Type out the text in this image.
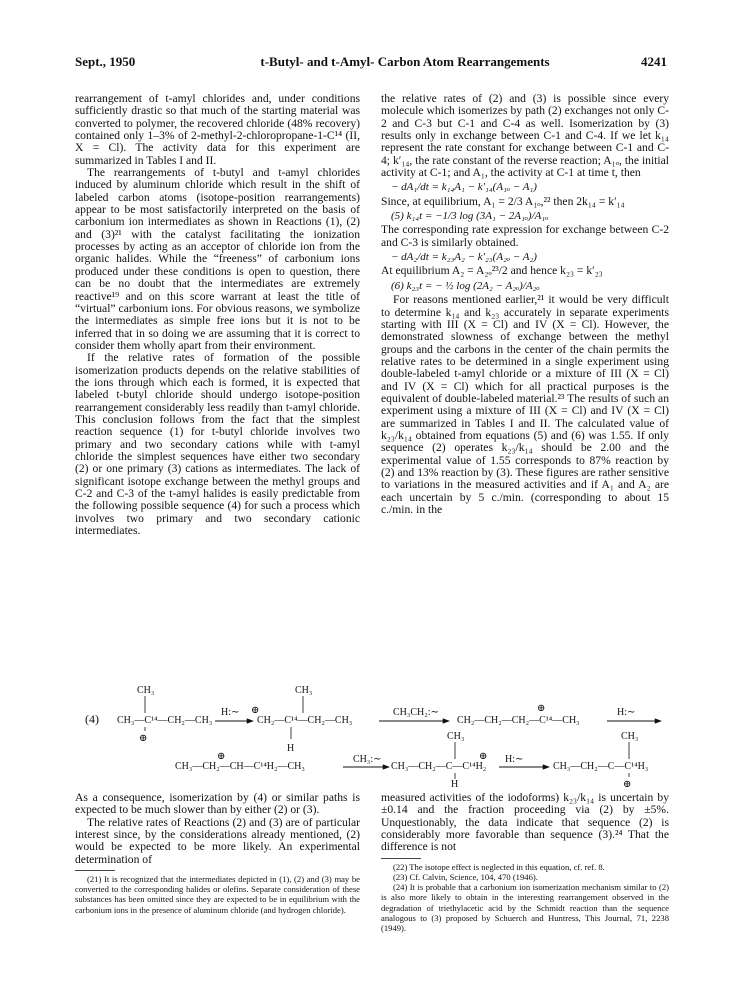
Sept., 1950	t-Butyl- and t-Amyl- Carbon Atom Rearrangements	4241

rearrangement of t-amyl chlorides and, under conditions sufficiently drastic so that much of the starting material was converted to polymer, the recovered chloride (48% recovery) contained only 1–3% of 2-methyl-2-chloropropane-1-C¹⁴ (II, X = Cl). The activity data for this experiment are summarized in Tables I and II.

The rearrangements of t-butyl and t-amyl chlorides induced by aluminum chloride which result in the shift of labeled carbon atoms (isotope-position rearrangements) appear to be most satisfactorily interpreted on the basis of carbonium ion intermediates as shown in Reactions (1), (2) and (3)²¹ with the catalyst facilitating the ionization processes by acting as an acceptor of chloride ion from the organic halides. While the “freeness” of carbonium ions produced under these conditions is open to question, there can be no doubt that the intermediates are extremely reactive¹⁹ and on this score warrant at least the title of “virtual” carbonium ions. For obvious reasons, we symbolize the intermediates as simple free ions but it is not to be inferred that in so doing we are assuming that it is correct to consider them wholly apart from their environment.

If the relative rates of formation of the possible isomerization products depends on the relative stabilities of the ions through which each is formed, it is expected that labeled t-butyl chloride should undergo isotope-position rearrangement considerably less readily than t-amyl chloride. This conclusion follows from the fact that the simplest reaction sequence (1) for t-butyl chloride involves two primary and two secondary cations while with t-amyl chloride the simplest sequences have either two secondary (2) or one primary (3) cations as intermediates. The lack of significant isotope exchange between the methyl groups and C-2 and C-3 of the t-amyl halides is easily predictable from the following possible sequence (4) for such a process which involves two primary and two secondary cationic intermediates.

the relative rates of (2) and (3) is possible since every molecule which isomerizes by path (2) exchanges not only C-2 and C-3 but C-1 and C-4 as well. Isomerization by (3) results only in exchange between C-1 and C-4. If we let k₁₄ represent the rate constant for exchange between C-1 and C-4; k′₁₄, the rate constant of the reverse reaction; A₁ₒ, the initial activity at C-1; and A₁, the activity at C-1 at time t, then

− dA₁/dt = k₁₄A₁ − k′₁₄(A₁ₒ − A₁)

Since, at equilibrium, A₁ = 2/3 A₁ₒ,²² then 2k₁₄ = k′₁₄

(5) k₁₄t = −1/3 log (3A₁ − 2A₁ₒ)/A₁ₒ

The corresponding rate expression for exchange between C-2 and C-3 is similarly obtained.

− dA₂/dt = k₂₃A₂ − k′₂₃(A₂ₒ − A₂)

At equilibrium A₂ = A₂ₒ²³/2 and hence k₂₃ = k′₂₃

(6) k₂₃t = − ½ log (2A₂ − A₂ₒ)/A₂ₒ

For reasons mentioned earlier,²¹ it would be very difficult to determine k₁₄ and k₂₃ accurately in separate experiments starting with III (X = Cl) and IV (X = Cl). However, the demonstrated slowness of exchange between the methyl groups and the carbons in the center of the chain permits the relative rates to be determined in a single experiment using double-labeled t-amyl chloride or a mixture of III (X = Cl) and IV (X = Cl) which for all practical purposes is the equivalent of double-labeled material.²³ The results of such an experiment using a mixture of III (X = Cl) and IV (X = Cl) are summarized in Tables I and II. The calculated value of k₂₃/k₁₄ obtained from equations (5) and (6) was 1.55. If only sequence (2) operates k₂₃/k₁₄ should be 2.00 and the experimental value of 1.55 corresponds to 87% reaction by (2) and 13% reaction by (3). These figures are rather sensitive to variations in the measured activities and if A₁ and A₂ are each uncertain by 5 c./min. (corresponding to about 15 c./min. in the

(4)
CH₃
CH₃—C¹⁴—CH₂—CH₃
⊕
H:∼ ⊕
CH₃
CH₂—C¹⁴—CH₂—CH₃
H
CH₃CH₂:∼	⊕
CH₂—CH₂—CH₂—C¹⁴—CH₃
H:∼
⊕
CH₃—CH₂—CH—C¹⁴H₂—CH₃
CH₃:∼
CH₃
CH₃—CH₂—C—C¹⁴H₂
⊕
H
H:∼
CH₃
CH₃—CH₂—C—C¹⁴H₃
⊕

As a consequence, isomerization by (4) or similar paths is expected to be much slower than by either (2) or (3).

The relative rates of Reactions (2) and (3) are of particular interest since, by the considerations already mentioned, (2) would be expected to be more likely. An experimental determination of

(21) It is recognized that the intermediates depicted in (1), (2) and (3) may be converted to the corresponding halides or olefins. Separate consideration of these substances has been omitted since they are expected to be in equilibrium with the carbonium ions in the presence of aluminum chloride (and hydrogen chloride).

measured activities of the iodoforms) k₂₃/k₁₄ is uncertain by ±0.14 and the fraction proceeding via (2) by ±5%. Unquestionably, the data indicate that sequence (2) is considerably more favorable than sequence (3).²⁴ That the difference is not

(22) The isotope effect is neglected in this equation, cf. ref. 8.

(23) Cf. Calvin, Science, 104, 470 (1946).

(24) It is probable that a carbonium ion isomerization mechanism similar to (2) is also more likely to obtain in the interesting rearrangement observed in the degradation of triethylacetic acid by the Schmidt reaction than the sequence analogous to (3) proposed by Schuerch and Huntress, This Journal, 71, 2238 (1949).
